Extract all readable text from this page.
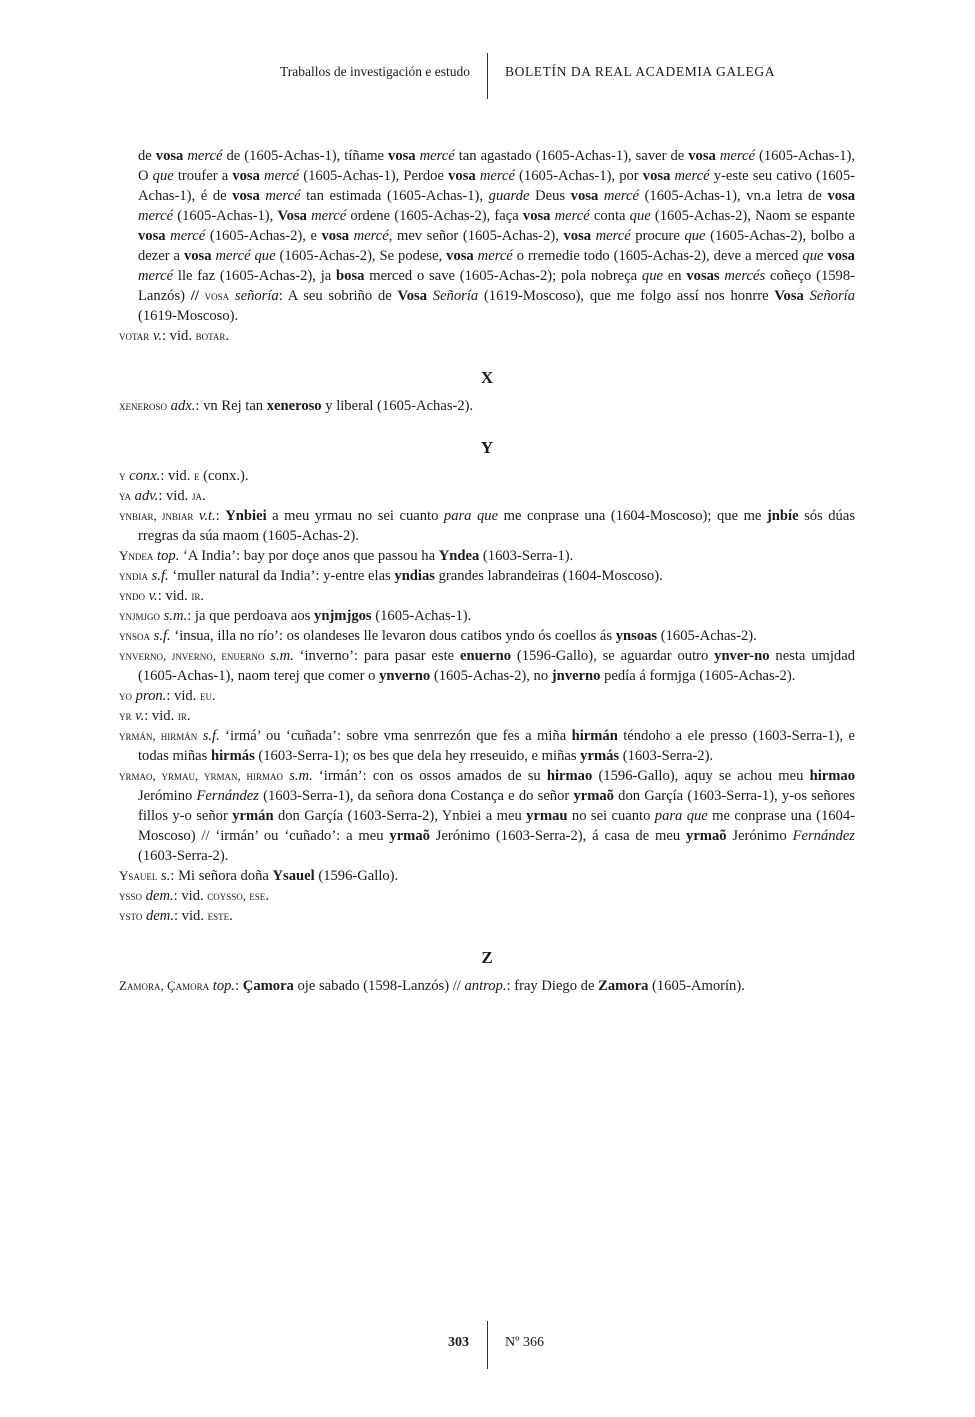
Traballos de investigación e estudo	BOLETÍN DA REAL ACADEMIA GALEGA
de vosa mercé de (1605-Achas-1), tíñame vosa mercé tan agastado (1605-Achas-1), saver de vosa mercé (1605-Achas-1), O que troufer a vosa mercé (1605-Achas-1), Perdoe vosa mercé (1605-Achas-1), por vosa mercé y-este seu cativo (1605-Achas-1), é de vosa mercé tan estimada (1605-Achas-1), guarde Deus vosa mercé (1605-Achas-1), vn.a letra de vosa mercé (1605-Achas-1), Vosa mercé ordene (1605-Achas-2), faça vosa mercé conta que (1605-Achas-2), Naom se espante vosa mercé (1605-Achas-2), e vosa mercé, mev señor (1605-Achas-2), vosa mercé procure que (1605-Achas-2), bolbo a dezer a vosa mercé que (1605-Achas-2), Se podese, vosa mercé o rremedie todo (1605-Achas-2), deve a merced que vosa mercé lle faz (1605-Achas-2), ja bosa merced o save (1605-Achas-2); pola nobreça que en vosas mercés coñeço (1598-Lanzós) // vosa señoría: A seu sobriño de Vosa Señoría (1619-Moscoso), que me folgo assí nos honrre Vosa Señoría (1619-Moscoso).
votar v.: vid. botar.
X
xeneroso adx.: vn Rej tan xeneroso y liberal (1605-Achas-2).
Y
y conx.: vid. e (conx.).
ya adv.: vid. ja.
ynbiar, jnbiar v.t.: Ynbiei a meu yrmau no sei cuanto para que me conprase una (1604-Moscoso); que me jnbíe sós dúas rregras da súa maom (1605-Achas-2).
Yndea top. ‘A India’: bay por doçe anos que passou ha Yndea (1603-Serra-1).
yndia s.f. ‘muller natural da India’: y-entre elas yndias grandes labrandeiras (1604-Moscoso).
yndo v.: vid. ir.
ynjmjgo s.m.: ja que perdoava aos ynjmjgos (1605-Achas-1).
ynsoa s.f. ‘insua, illa no río’: os olandeses lle levaron dous catibos yndo ós coellos ás ynsoas (1605-Achas-2).
ynverno, jnverno, enuerno s.m. ‘inverno’: para pasar este enuerno (1596-Gallo), se aguardar outro ynver-no nesta umjdad (1605-Achas-1), naom terej que comer o ynverno (1605-Achas-2), no jnverno pedía á formjga (1605-Achas-2).
yo pron.: vid. eu.
yr v.: vid. ir.
yrmán, hirmán s.f. ‘irmá’ ou ‘cuñada’: sobre vma senrrezón que fes a miña hirmán téndoho a ele presso (1603-Serra-1), e todas miñas hirmás (1603-Serra-1); os bes que dela hey rreseuido, e miñas yrmás (1603-Serra-2).
yrmao, yrmau, yrman, hirmao s.m. ‘irmán’: con os ossos amados de su hirmao (1596-Gallo), aquy se achou meu hirmao Jerómino Fernández (1603-Serra-1), da señora dona Costança e do señor yrmaõ don Garçía (1603-Serra-1), y-os señores fillos y-o señor yrmán don Garçía (1603-Serra-2), Ynbiei a meu yrmau no sei cuanto para que me conprase una (1604-Moscoso) // ‘irmán’ ou ‘cuñado’: a meu yrmaõ Jerónimo (1603-Serra-2), á casa de meu yrmaõ Jerónimo Fernández (1603-Serra-2).
Ysauel s.: Mi señora doña Ysauel (1596-Gallo).
ysso dem.: vid. coysso, ese.
ysto dem.: vid. este.
Z
Zamora, Çamora top.: Çamora oje sabado (1598-Lanzós) // antrop.: fray Diego de Zamora (1605-Amorín).
303	Nº 366
